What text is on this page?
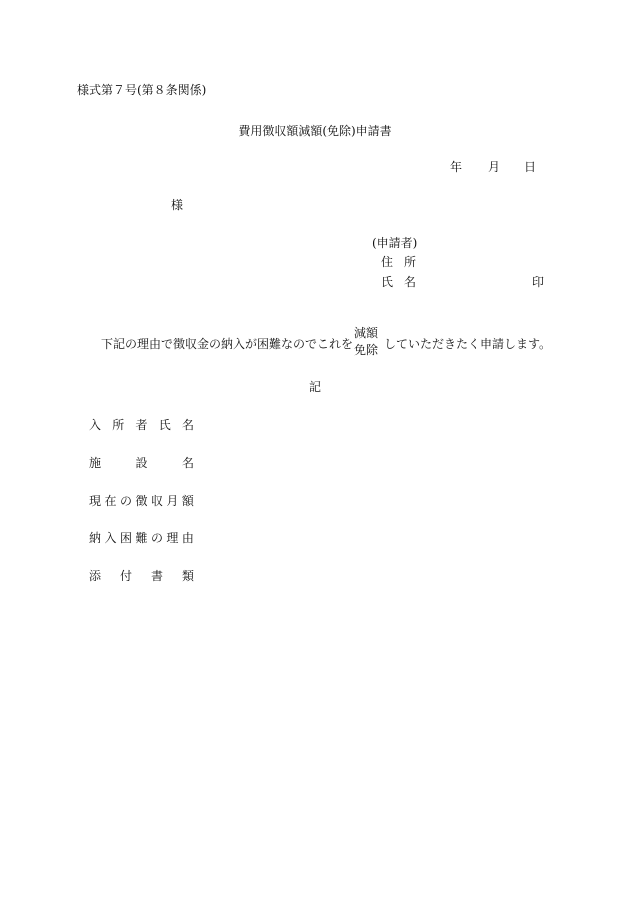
様式第７号(第８条関係)
費用徴収額減額(免除)申請書
年 月 日
様
(申請者)
住所
氏名	印
下記の理由で徴収金の納入が困難なのでこれを
減額
免除 していただきたく申請します。
記
入 所 者 氏 名
施	設	名
現 在 の 徴 収 月 額
納 入 困 難 の 理 由
添 付 書 類
